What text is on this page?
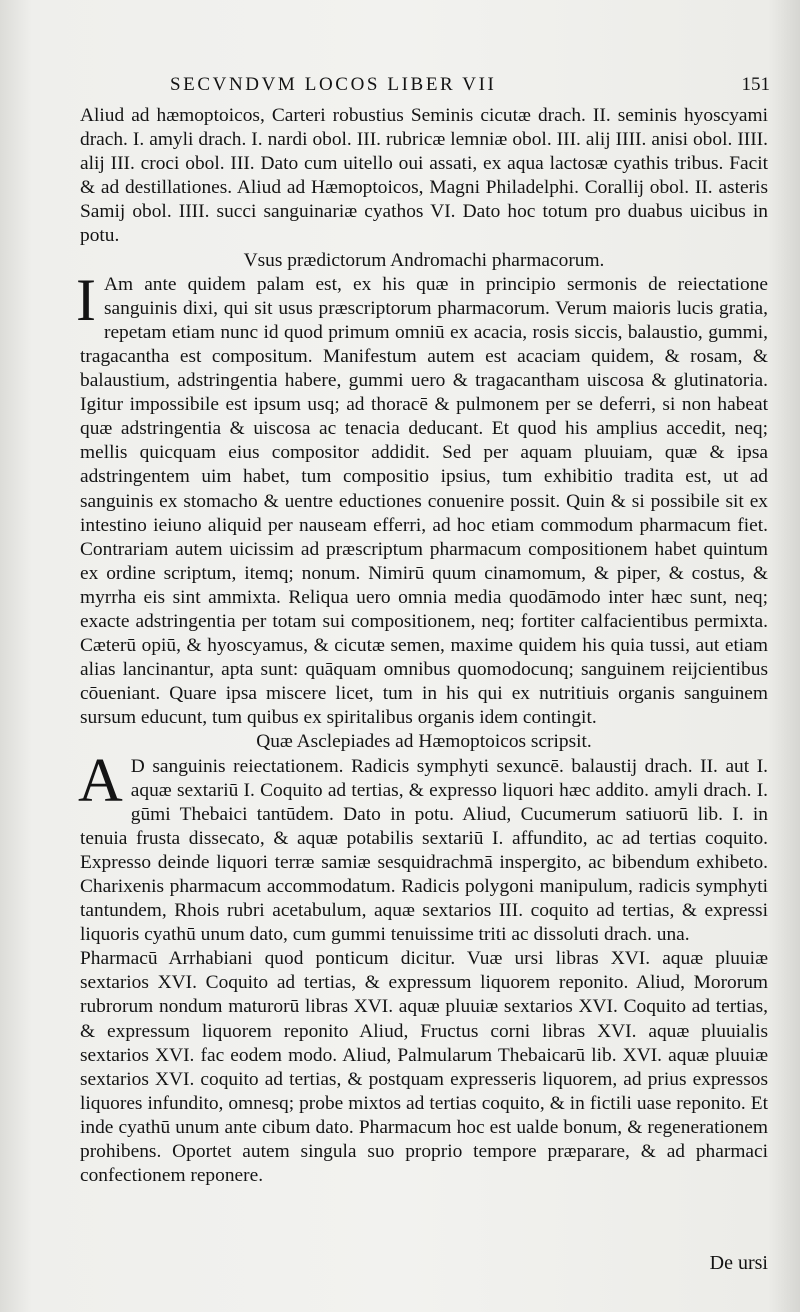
SECVNDVM LOCOS LIBER VII	151

Aliud ad hæmoptoicos, Carteri robustius Seminis cicutæ drach. II. seminis hyoscyami drach. I. amyli drach. I. nardi obol. III. rubricæ lemniæ obol. III. alij IIII. anisi obol. IIII. alij III. croci obol. III. Dato cum uitello oui assati, ex aqua lactosæ cyathis tribus. Facit & ad destillationes. Aliud ad Hæmoptoicos, Magni Philadelphi. Corallij obol. II. asteris Samij obol. IIII. succi sanguinariæ cyathos VI. Dato hoc totum pro duabus uicibus in potu.

Vsus prædictorum Andromachi pharmacorum.

I Am ante quidem palam est, ex his quæ in principio sermonis de reiectatione sanguinis dixi, qui sit usus præscriptorum pharmacorum. Verum maioris lucis gratia, repetam etiam nunc id quod primum omniū ex acacia, rosis siccis, balaustio, gummi, tragacantha est compositum. Manifestum autem est acaciam quidem, & rosam, & balaustium, adstringentia habere, gummi uero & tragacantham uiscosa & glutinatoria. Igitur impossibile est ipsum usq; ad thoracē & pulmonem per se deferri, si non habeat quæ adstringentia & uiscosa ac tenacia deducant. Et quod his amplius accedit, neq; mellis quicquam eius compositor addidit. Sed per aquam pluuiam, quæ & ipsa adstringentem uim habet, tum compositio ipsius, tum exhibitio tradita est, ut ad sanguinis ex stomacho & uentre eductiones conuenire possit. Quin & si possibile sit ex intestino ieiuno aliquid per nauseam efferri, ad hoc etiam commodum pharmacum fiet. Contrariam autem uicissim ad præscriptum pharmacum compositionem habet quintum ex ordine scriptum, itemq; nonum. Nimirū quum cinamomum, & piper, & costus, & myrrha eis sint ammixta. Reliqua uero omnia media quodāmodo inter hæc sunt, neq; exacte adstringentia per totam sui compositionem, neq; fortiter calfacientibus permixta. Cæterū opiū, & hyoscyamus, & cicutæ semen, maxime quidem his quia tussi, aut etiam alias lancinantur, apta sunt: quāquam omnibus quomodocunq; sanguinem reijcientibus cōueniant. Quare ipsa miscere licet, tum in his qui ex nutritiuis organis sanguinem sursum educunt, tum quibus ex spiritalibus organis idem contingit.

Quæ Asclepiades ad Hæmoptoicos scripsit.

A D sanguinis reiectationem. Radicis symphyti sexuncē. balaustij drach. II. aut I. aquæ sextariū I. Coquito ad tertias, & expresso liquori hæc addito. amyli drach. I. gūmi Thebaici tantūdem. Dato in potu. Aliud, Cucumerum satiuorū lib. I. in tenuia frusta dissecato, & aquæ potabilis sextariū I. affundito, ac ad tertias coquito. Expresso deinde liquori terræ samiæ sesquidrachmā inspergito, ac bibendum exhibeto. Charixenis pharmacum accommodatum. Radicis polygoni manipulum, radicis symphyti tantundem, Rhois rubri acetabulum, aquæ sextarios III. coquito ad tertias, & expressi liquoris cyathū unum dato, cum gummi tenuissime triti ac dissoluti drach. una.

Pharmacū Arrhabiani quod ponticum dicitur. Vuæ ursi libras XVI. aquæ pluuiæ sextarios XVI. Coquito ad tertias, & expressum liquorem reponito. Aliud, Mororum rubrorum nondum maturorū libras XVI. aquæ pluuiæ sextarios XVI. Coquito ad tertias, & expressum liquorem reponito Aliud, Fructus corni libras XVI. aquæ pluuialis sextarios XVI. fac eodem modo. Aliud, Palmularum Thebaicarū lib. XVI. aquæ pluuiæ sextarios XVI. coquito ad tertias, & postquam expresseris liquorem, ad prius expressos liquores infundito, omnesq; probe mixtos ad tertias coquito, & in fictili uase reponito. Et inde cyathū unum ante cibum dato. Pharmacum hoc est ualde bonum, & regenerationem prohibens. Oportet autem singula suo proprio tempore præparare, & ad pharmaci confectionem reponere.

De ursi
